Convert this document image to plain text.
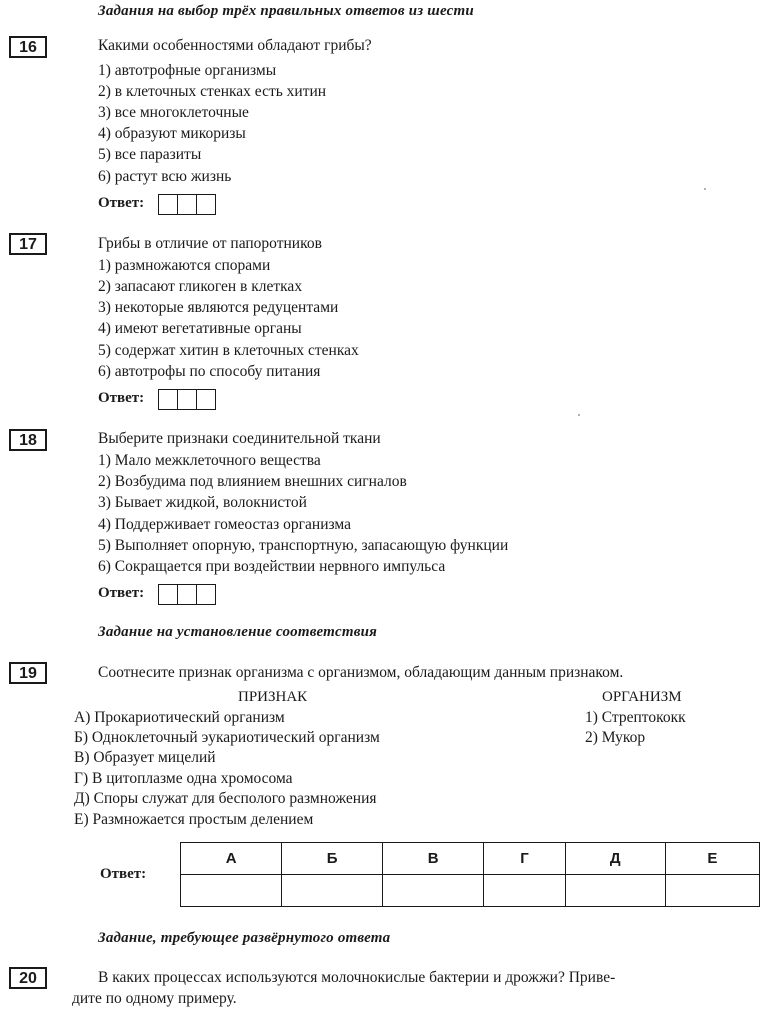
Задания на выбор трёх правильных ответов из шести
16	Какими особенностями обладают грибы?
1) автотрофные организмы
2) в клеточных стенках есть хитин
3) все многоклеточные
4) образуют микоризы
5) все паразиты
6) растут всю жизнь
Ответ:
17	Грибы в отличие от папоротников
1) размножаются спорами
2) запасают гликоген в клетках
3) некоторые являются редуцентами
4) имеют вегетативные органы
5) содержат хитин в клеточных стенках
6) автотрофы по способу питания
Ответ:
18	Выберите признаки соединительной ткани
1) Мало межклеточного вещества
2) Возбудима под влиянием внешних сигналов
3) Бывает жидкой, волокнистой
4) Поддерживает гомеостаз организма
5) Выполняет опорную, транспортную, запасающую функции
6) Сокращается при воздействии нервного импульса
Ответ:
Задание на установление соответствия
19	Соотнесите признак организма с организмом, обладающим данным признаком.
ПРИЗНАК	ОРГАНИЗМ
А) Прокариотический организм
Б) Одноклеточный эукариотический организм
В) Образует мицелий
Г) В цитоплазме одна хромосома
Д) Споры служат для бесполого размножения
Е) Размножается простым делением
1) Стрептококк
2) Мукор
Ответ:
А	Б	В	Г	Д	Е

Задание, требующее развёрнутого ответа
20	В каких процессах используются молочнокислые бактерии и дрожжи? Приве-
дите по одному примеру.
